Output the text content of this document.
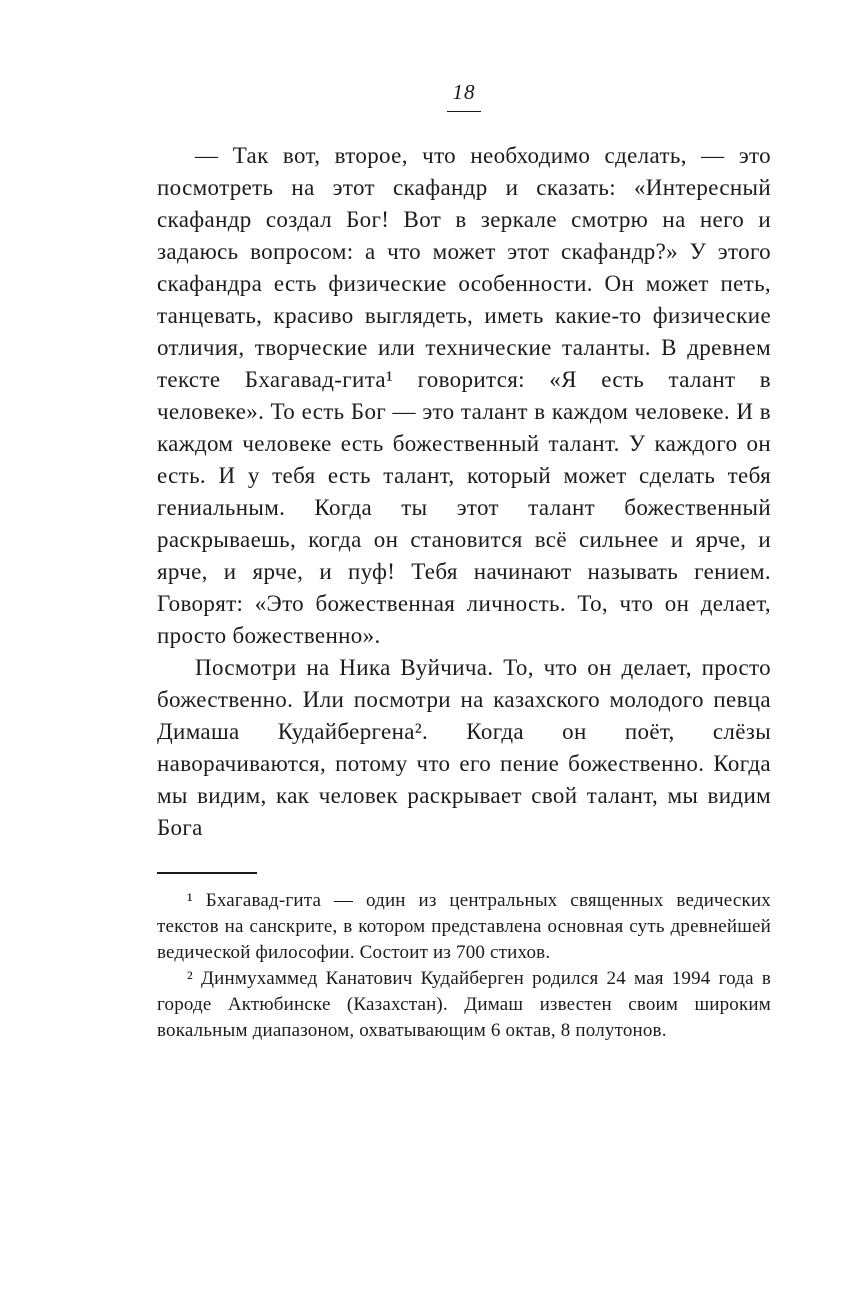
18

— Так вот, второе, что необходимо сделать, — это посмотреть на этот скафандр и сказать: «Интересный скафандр создал Бог! Вот в зеркале смотрю на него и задаюсь вопросом: а что может этот скафандр?» У этого скафандра есть физические особенности. Он может петь, танцевать, красиво выглядеть, иметь какие-то физические отличия, творческие или технические таланты. В древнем тексте Бхагавад-гита¹ говорится: «Я есть талант в человеке». То есть Бог — это талант в каждом человеке. И в каждом человеке есть божественный талант. У каждого он есть. И у тебя есть талант, который может сделать тебя гениальным. Когда ты этот талант божественный раскрываешь, когда он становится всё сильнее и ярче, и ярче, и ярче, и пуф! Тебя начинают называть гением. Говорят: «Это божественная личность. То, что он делает, просто божественно».

Посмотри на Ника Вуйчича. То, что он делает, просто божественно. Или посмотри на казахского молодого певца Димаша Кудайбергена². Когда он поёт, слёзы наворачиваются, потому что его пение божественно. Когда мы видим, как человек раскрывает свой талант, мы видим Бога

¹ Бхагавад-гита — один из центральных священных ведических текстов на санскрите, в котором представлена основная суть древнейшей ведической философии. Состоит из 700 стихов.

² Динмухаммед Канатович Кудайберген родился 24 мая 1994 года в городе Актюбинске (Казахстан). Димаш известен своим широким вокальным диапазоном, охватывающим 6 октав, 8 полутонов.
